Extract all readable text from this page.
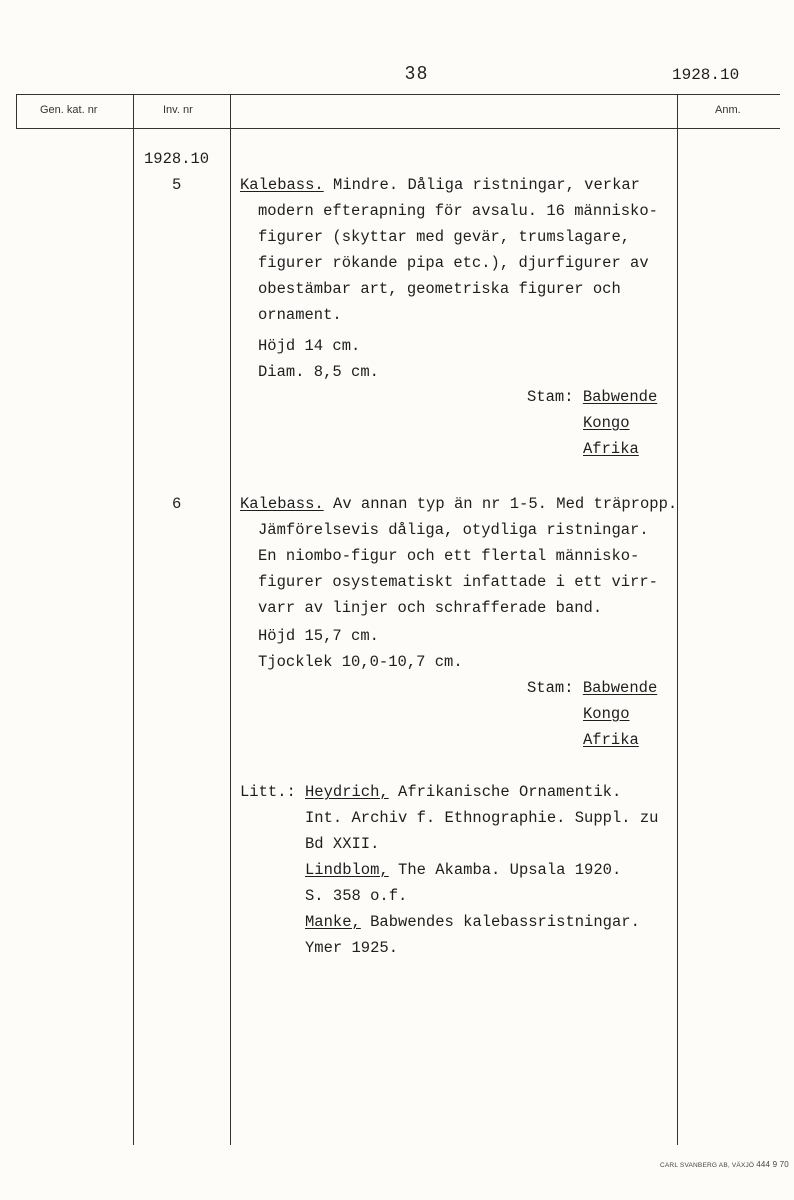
38	1928.10
Gen. kat. nr	Inv. nr	Anm.
1928.10
5	Kalebass. Mindre. Dåliga ristningar, verkar
modern efterapning för avsalu. 16 människo-
figurer (skyttar med gevär, trumslagare,
figurer rökande pipa etc.), djurfigurer av
obestämbar art, geometriska figurer och
ornament.
Höjd 14 cm.
Diam. 8,5 cm.
Stam: Babwende
Kongo
Afrika
6	Kalebass. Av annan typ än nr 1-5. Med träpropp.
Jämförelsevis dåliga, otydliga ristningar.
En niombo-figur och ett flertal människo-
figurer osystematiskt infattade i ett virr-
varr av linjer och schrafferade band.
Höjd 15,7 cm.
Tjocklek 10,0-10,7 cm.
Stam: Babwende
Kongo
Afrika
Litt.: Heydrich, Afrikanische Ornamentik.
Int. Archiv f. Ethnographie. Suppl. zu
Bd XXII.
Lindblom, The Akamba. Upsala 1920.
S. 358 o.f.
Manke, Babwendes kalebassristningar.
Ymer 1925.
CARL SVANBERG AB, VÄXJÖ 444 9 70
